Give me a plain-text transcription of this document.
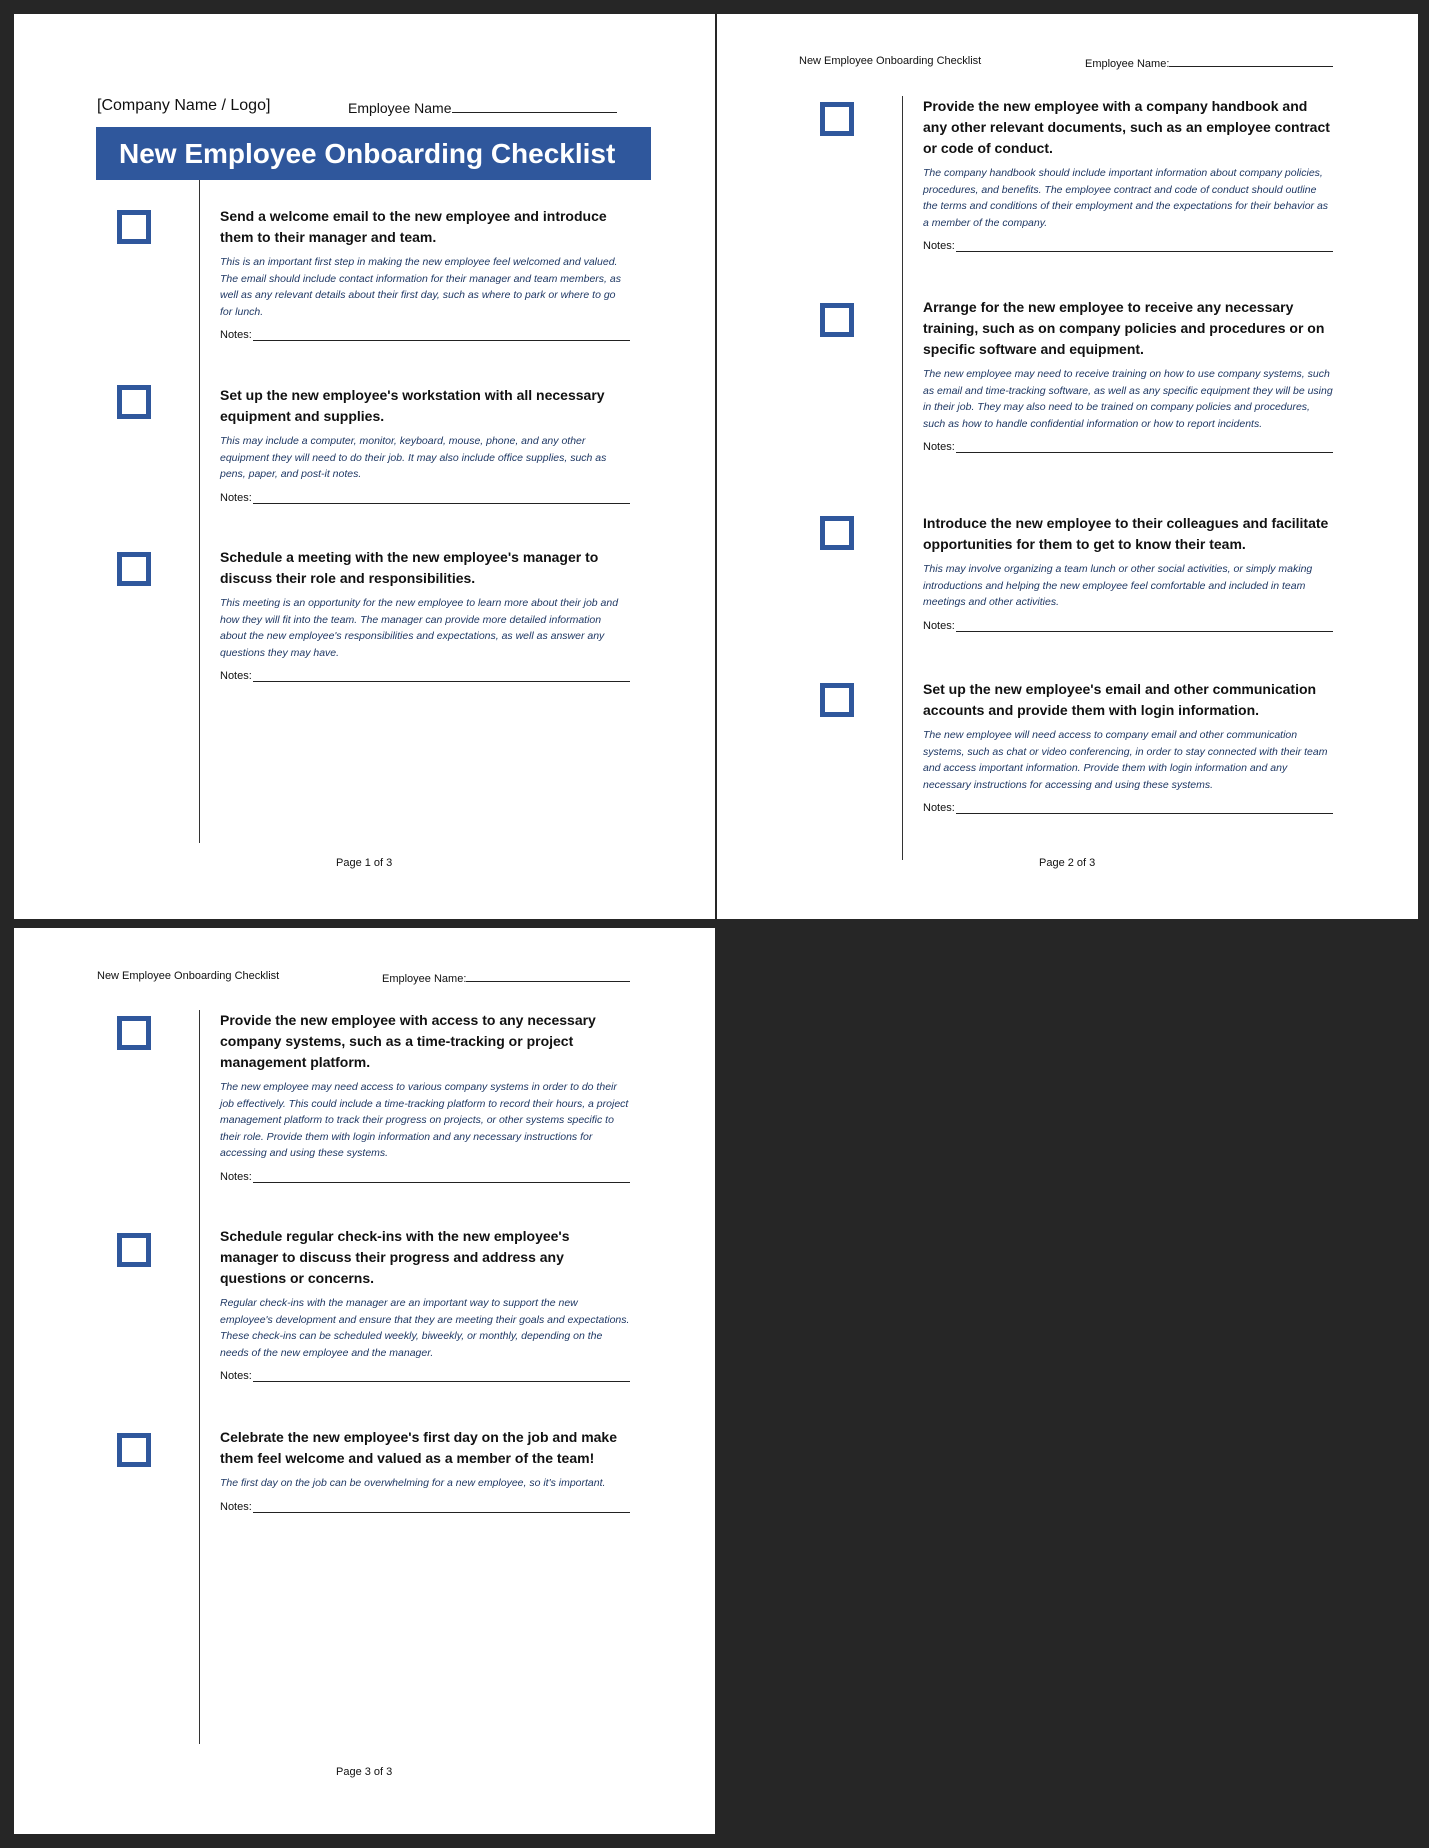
[Company Name / Logo]	Employee Name
New Employee Onboarding Checklist
Send a welcome email to the new employee and introduce them to their manager and team.

This is an important first step in making the new employee feel welcomed and valued. The email should include contact information for their manager and team members, as well as any relevant details about their first day, such as where to park or where to go for lunch.

Notes:
Set up the new employee's workstation with all necessary equipment and supplies.

This may include a computer, monitor, keyboard, mouse, phone, and any other equipment they will need to do their job. It may also include office supplies, such as pens, paper, and post-it notes.

Notes:
Schedule a meeting with the new employee's manager to discuss their role and responsibilities.

This meeting is an opportunity for the new employee to learn more about their job and how they will fit into the team. The manager can provide more detailed information about the new employee's responsibilities and expectations, as well as answer any questions they may have.

Notes:
Page 1 of 3
New Employee Onboarding Checklist	Employee Name:
Provide the new employee with a company handbook and any other relevant documents, such as an employee contract or code of conduct.

The company handbook should include important information about company policies, procedures, and benefits. The employee contract and code of conduct should outline the terms and conditions of their employment and the expectations for their behavior as a member of the company.

Notes:
Arrange for the new employee to receive any necessary training, such as on company policies and procedures or on specific software and equipment.

The new employee may need to receive training on how to use company systems, such as email and time-tracking software, as well as any specific equipment they will be using in their job. They may also need to be trained on company policies and procedures, such as how to handle confidential information or how to report incidents.

Notes:
Introduce the new employee to their colleagues and facilitate opportunities for them to get to know their team.

This may involve organizing a team lunch or other social activities, or simply making introductions and helping the new employee feel comfortable and included in team meetings and other activities.

Notes:
Set up the new employee's email and other communication accounts and provide them with login information.

The new employee will need access to company email and other communication systems, such as chat or video conferencing, in order to stay connected with their team and access important information. Provide them with login information and any necessary instructions for accessing and using these systems.

Notes:
Page 2 of 3
New Employee Onboarding Checklist	Employee Name:
Provide the new employee with access to any necessary company systems, such as a time-tracking or project management platform.

The new employee may need access to various company systems in order to do their job effectively. This could include a time-tracking platform to record their hours, a project management platform to track their progress on projects, or other systems specific to their role. Provide them with login information and any necessary instructions for accessing and using these systems.

Notes:
Schedule regular check-ins with the new employee's manager to discuss their progress and address any questions or concerns.

Regular check-ins with the manager are an important way to support the new employee's development and ensure that they are meeting their goals and expectations. These check-ins can be scheduled weekly, biweekly, or monthly, depending on the needs of the new employee and the manager.

Notes:
Celebrate the new employee's first day on the job and make them feel welcome and valued as a member of the team!

The first day on the job can be overwhelming for a new employee, so it's important.

Notes:
Page 3 of 3
